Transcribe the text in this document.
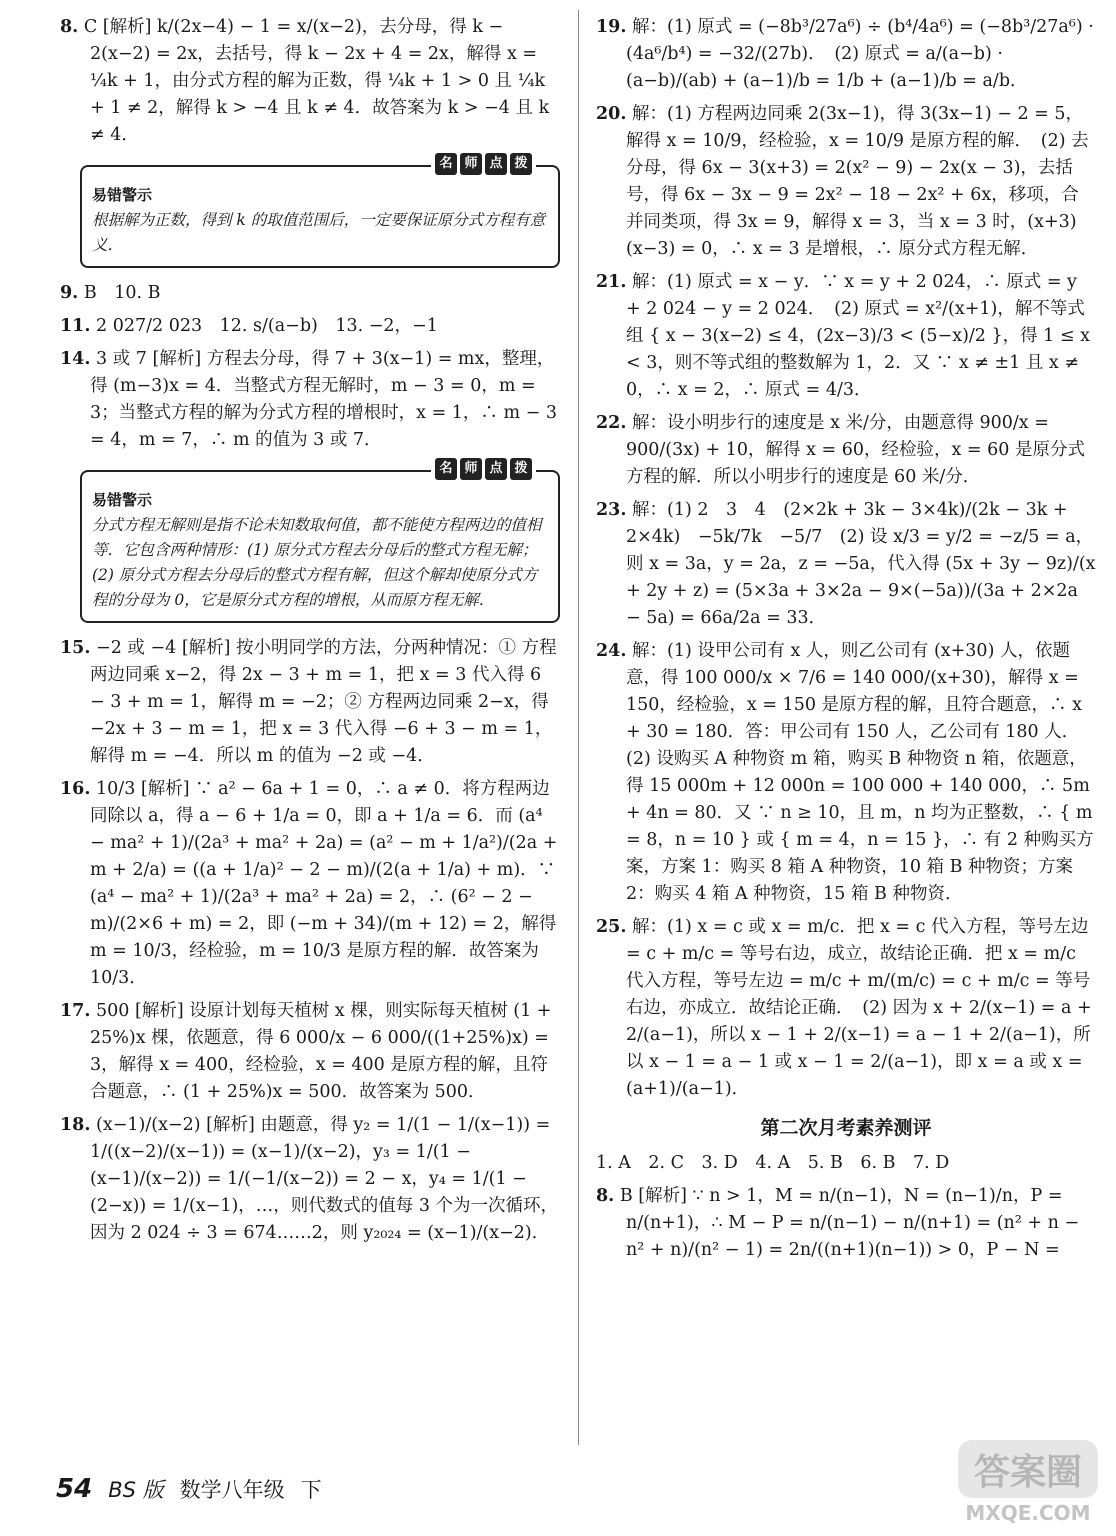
8. C [解析] k/(2x−4) − 1 = x/(x−2)，去分母，得 k − 2(x−2) = 2x，去括号，得 k − 2x + 4 = 2x，解得 x = ¼k + 1，由分式方程的解为正数，得 ¼k + 1 > 0 且 ¼k + 1 ≠ 2，解得 k > −4 且 k ≠ 4．故答案为 k > −4 且 k ≠ 4．

名 师 点 拨
易错警示
根据解为正数，得到 k 的取值范围后，一定要保证原分式方程有意义．

9. B　10. B

11. 2 027/2 023　12. s/(a−b)　13. −2，−1

14. 3 或 7 [解析] 方程去分母，得 7 + 3(x−1) = mx，整理，得 (m−3)x = 4．当整式方程无解时，m − 3 = 0，m = 3；当整式方程的解为分式方程的增根时，x = 1，∴ m − 3 = 4，m = 7，∴ m 的值为 3 或 7．

名 师 点 拨
易错警示
分式方程无解则是指不论未知数取何值，都不能使方程两边的值相等．它包含两种情形：(1) 原分式方程去分母后的整式方程无解；(2) 原分式方程去分母后的整式方程有解，但这个解却使原分式方程的分母为 0，它是原分式方程的增根，从而原方程无解．

15. −2 或 −4 [解析] 按小明同学的方法，分两种情况：① 方程两边同乘 x−2，得 2x − 3 + m = 1，把 x = 3 代入得 6 − 3 + m = 1，解得 m = −2；② 方程两边同乘 2−x，得 −2x + 3 − m = 1，把 x = 3 代入得 −6 + 3 − m = 1，解得 m = −4．所以 m 的值为 −2 或 −4．

16. 10/3 [解析] ∵ a² − 6a + 1 = 0，∴ a ≠ 0．将方程两边同除以 a，得 a − 6 + 1/a = 0，即 a + 1/a = 6．而 (a⁴ − ma² + 1)/(2a³ + ma² + 2a) = (a² − m + 1/a²)/(2a + m + 2/a) = ((a + 1/a)² − 2 − m)/(2(a + 1/a) + m)．∵ (a⁴ − ma² + 1)/(2a³ + ma² + 2a) = 2，∴ (6² − 2 − m)/(2×6 + m) = 2，即 (−m + 34)/(m + 12) = 2，解得 m = 10/3，经检验，m = 10/3 是原方程的解．故答案为 10/3．

17. 500 [解析] 设原计划每天植树 x 棵，则实际每天植树 (1 + 25%)x 棵，依题意，得 6 000/x − 6 000/((1+25%)x) = 3，解得 x = 400，经检验，x = 400 是原方程的解，且符合题意，∴ (1 + 25%)x = 500．故答案为 500．

18. (x−1)/(x−2) [解析] 由题意，得 y₂ = 1/(1 − 1/(x−1)) = 1/((x−2)/(x−1)) = (x−1)/(x−2)，y₃ = 1/(1 − (x−1)/(x−2)) = 1/(−1/(x−2)) = 2 − x，y₄ = 1/(1 − (2−x)) = 1/(x−1)，…，则代数式的值每 3 个为一次循环，因为 2 024 ÷ 3 = 674……2，则 y₂₀₂₄ = (x−1)/(x−2)．

19. 解：(1) 原式 = (−8b³/27a⁶) ÷ (b⁴/4a⁶) = (−8b³/27a⁶) · (4a⁶/b⁴) = −32/(27b)．　(2) 原式 = a/(a−b) · (a−b)/(ab) + (a−1)/b = 1/b + (a−1)/b = a/b．

20. 解：(1) 方程两边同乘 2(3x−1)，得 3(3x−1) − 2 = 5，解得 x = 10/9，经检验，x = 10/9 是原方程的解．　(2) 去分母，得 6x − 3(x+3) = 2(x² − 9) − 2x(x − 3)，去括号，得 6x − 3x − 9 = 2x² − 18 − 2x² + 6x，移项，合并同类项，得 3x = 9，解得 x = 3，当 x = 3 时，(x+3)(x−3) = 0，∴ x = 3 是增根，∴ 原分式方程无解．

21. 解：(1) 原式 = x − y．∵ x = y + 2 024，∴ 原式 = y + 2 024 − y = 2 024．　(2) 原式 = x²/(x+1)，解不等式组 { x − 3(x−2) ≤ 4，(2x−3)/3 < (5−x)/2 }，得 1 ≤ x < 3，则不等式组的整数解为 1，2．又 ∵ x ≠ ±1 且 x ≠ 0，∴ x = 2，∴ 原式 = 4/3．

22. 解：设小明步行的速度是 x 米/分，由题意得 900/x = 900/(3x) + 10，解得 x = 60，经检验，x = 60 是原分式方程的解．所以小明步行的速度是 60 米/分．

23. 解：(1) 2　3　4　(2×2k + 3k − 3×4k)/(2k − 3k + 2×4k)　−5k/7k　−5/7　(2) 设 x/3 = y/2 = −z/5 = a，则 x = 3a，y = 2a，z = −5a，代入得 (5x + 3y − 9z)/(x + 2y + z) = (5×3a + 3×2a − 9×(−5a))/(3a + 2×2a − 5a) = 66a/2a = 33．

24. 解：(1) 设甲公司有 x 人，则乙公司有 (x+30) 人，依题意，得 100 000/x × 7/6 = 140 000/(x+30)，解得 x = 150，经检验，x = 150 是原方程的解，且符合题意，∴ x + 30 = 180．答：甲公司有 150 人，乙公司有 180 人．　(2) 设购买 A 种物资 m 箱，购买 B 种物资 n 箱，依题意，得 15 000m + 12 000n = 100 000 + 140 000，∴ 5m + 4n = 80．又 ∵ n ≥ 10，且 m，n 均为正整数，∴ { m = 8，n = 10 } 或 { m = 4，n = 15 }，∴ 有 2 种购买方案，方案 1：购买 8 箱 A 种物资，10 箱 B 种物资；方案 2：购买 4 箱 A 种物资，15 箱 B 种物资．

25. 解：(1) x = c 或 x = m/c．把 x = c 代入方程，等号左边 = c + m/c = 等号右边，成立，故结论正确．把 x = m/c 代入方程，等号左边 = m/c + m/(m/c) = c + m/c = 等号右边，亦成立．故结论正确．　(2) 因为 x + 2/(x−1) = a + 2/(a−1)，所以 x − 1 + 2/(x−1) = a − 1 + 2/(a−1)，所以 x − 1 = a − 1 或 x − 1 = 2/(a−1)，即 x = a 或 x = (a+1)/(a−1)．

第二次月考素养测评

1. A　2. C　3. D　4. A　5. B　6. B　7. D

8. B [解析] ∵ n > 1，M = n/(n−1)，N = (n−1)/n，P = n/(n+1)，∴ M − P = n/(n−1) − n/(n+1) = (n² + n − n² + n)/(n² − 1) = 2n/((n+1)(n−1)) > 0，P − N =

54 BS 版 数学八年级 下	答案圈
MXQE.COM
